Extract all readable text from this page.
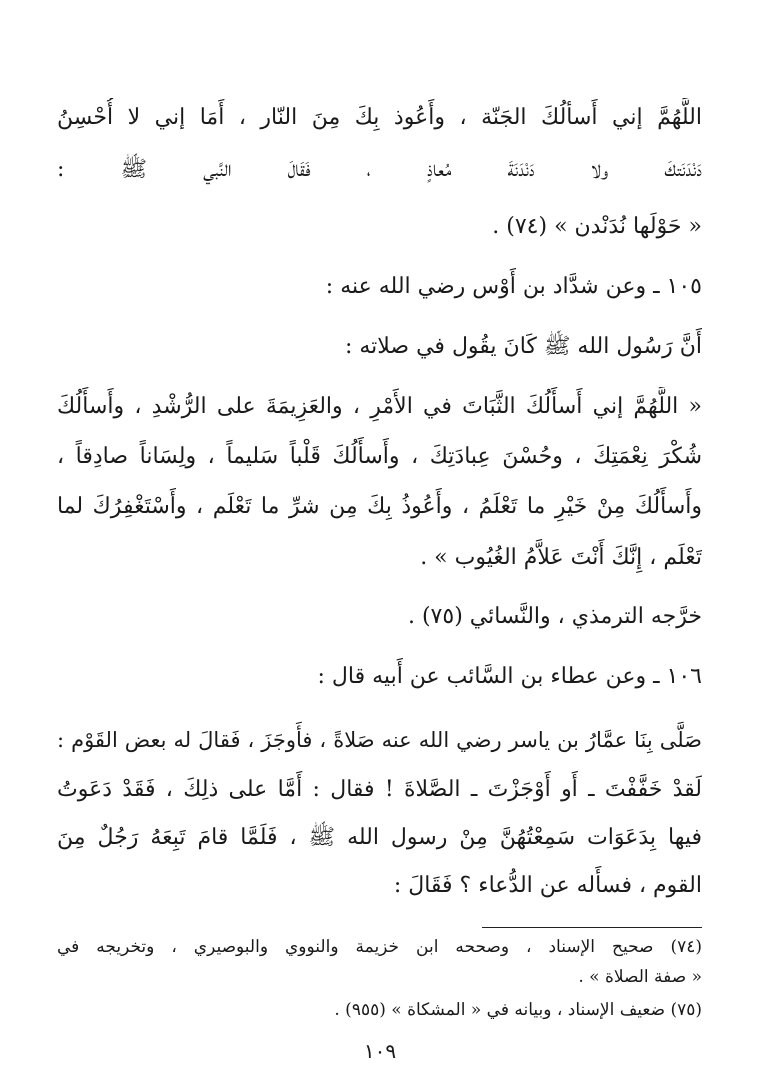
اللَّهُمَّ إني أَسألُكَ الجَنّة ، وأَعُوذ بِكَ مِنَ النّار ، أَمَا إني لا أُحْسِنُ
دَنْدَنَتكَ ولا دَنْدَنَةَ مُعاذٍ ، فَقَالَ النَّبي ﷺ :
« حَوْلَها نُدَنْدن » (٧٤) .
١٠٥ ـ وعن شدَّاد بن أَوْس رضي الله عنه :
أَنَّ رَسُول الله ﷺ كَانَ يقُول في صلاته :
« اللَّهُمَّ إني أَسأَلُكَ الثَّبَاتَ في الأَمْرِ ، والعَزِيمَةَ على الرُّشْدِ ، وأَسأَلُكَ
شُكْرَ نِعْمَتِكَ ، وحُسْنَ عِبادَتِكَ ، وأَسأَلُكَ قَلْباً سَليماً ، ولِسَاناً صادِقاً ،
وأَسأَلُكَ مِنْ خَيْرِ ما تَعْلَمُ ، وأَعُوذُ بِكَ مِن شرِّ ما تَعْلَم ، وأَسْتَغْفِرُكَ لما
تَعْلَم ، إِنَّكَ أَنْتَ عَلاَّمُ الغُيُوب » .
خرَّجه الترمذي ، والنَّسائي (٧٥) .
١٠٦ ـ وعن عطاء بن السَّائب عن أَبيه قال :
صَلَّى بِنَا عمَّارُ بن ياسر رضي الله عنه صَلاةً ، فأَوجَزَ ، فَقالَ له بعض القَوْم :
لَقدْ خَفَّفْتَ ـ أَو أَوْجَزْتَ ـ الصَّلاةَ ! فقال : أَمَّا على ذلِكَ ، فَقَدْ دَعَوتُ
فيها بِدَعَوَات سَمِعْتُهُنَّ مِنْ رسول الله ﷺ ، فَلَمَّا قامَ تَبِعَهُ رَجُلٌ مِنَ
القوم ، فسأَله عن الدُّعاء ؟ فَقَالَ :
(٧٤) صحيح الإسناد ، وصححه ابن خزيمة والنووي والبوصيري ، وتخريجه في
« صفة الصلاة » .
(٧٥) ضعيف الإسناد ، وبيانه في « المشكاة » (٩٥٥) .
١٠٩
